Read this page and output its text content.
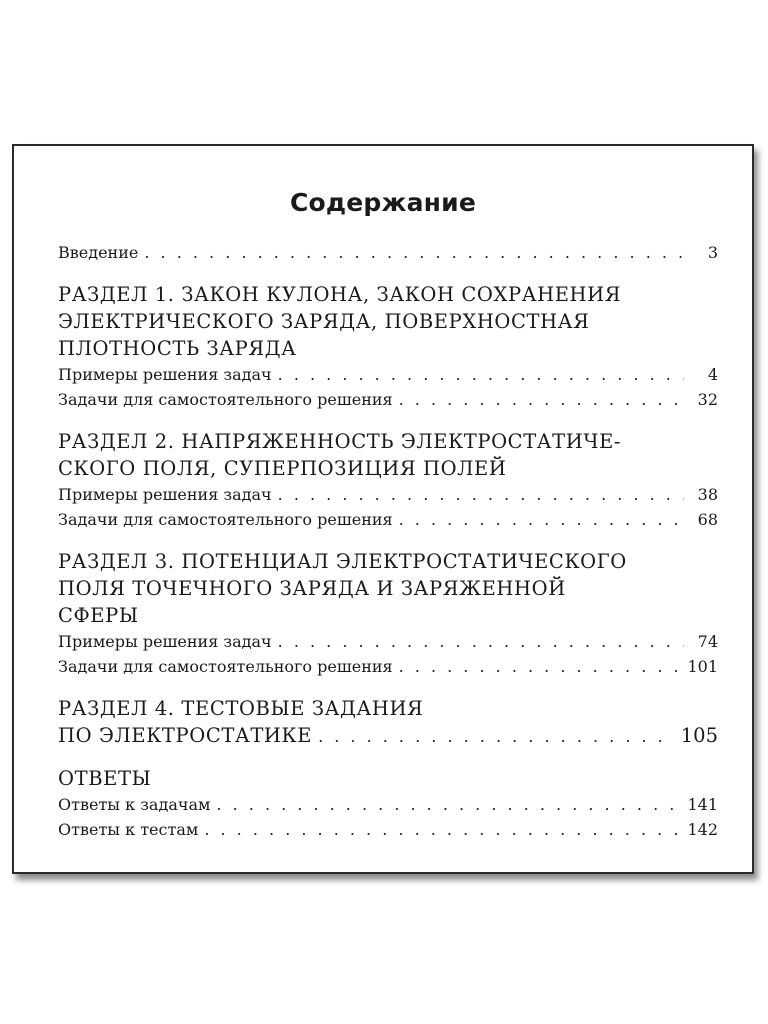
Содержание
Введение . . .	3
РАЗДЕЛ 1. ЗАКОН КУЛОНА, ЗАКОН СОХРАНЕНИЯ
ЭЛЕКТРИЧЕСКОГО ЗАРЯДА, ПОВЕРХНОСТНАЯ
ПЛОТНОСТЬ ЗАРЯДА
Примеры решения задач . . .	4
Задачи для самостоятельного решения . . .	32
РАЗДЕЛ 2. НАПРЯЖЕННОСТЬ ЭЛЕКТРОСТАТИЧЕ-
СКОГО ПОЛЯ, СУПЕРПОЗИЦИЯ ПОЛЕЙ
Примеры решения задач . . .	38
Задачи для самостоятельного решения . . .	68
РАЗДЕЛ 3. ПОТЕНЦИАЛ ЭЛЕКТРОСТАТИЧЕСКОГО
ПОЛЯ ТОЧЕЧНОГО ЗАРЯДА И ЗАРЯЖЕННОЙ
СФЕРЫ
Примеры решения задач . . .	74
Задачи для самостоятельного решения . . .	101
РАЗДЕЛ 4. ТЕСТОВЫЕ ЗАДАНИЯ
ПО ЭЛЕКТРОСТАТИКЕ . . .	105
ОТВЕТЫ
Ответы к задачам . . .	141
Ответы к тестам . . .	142
